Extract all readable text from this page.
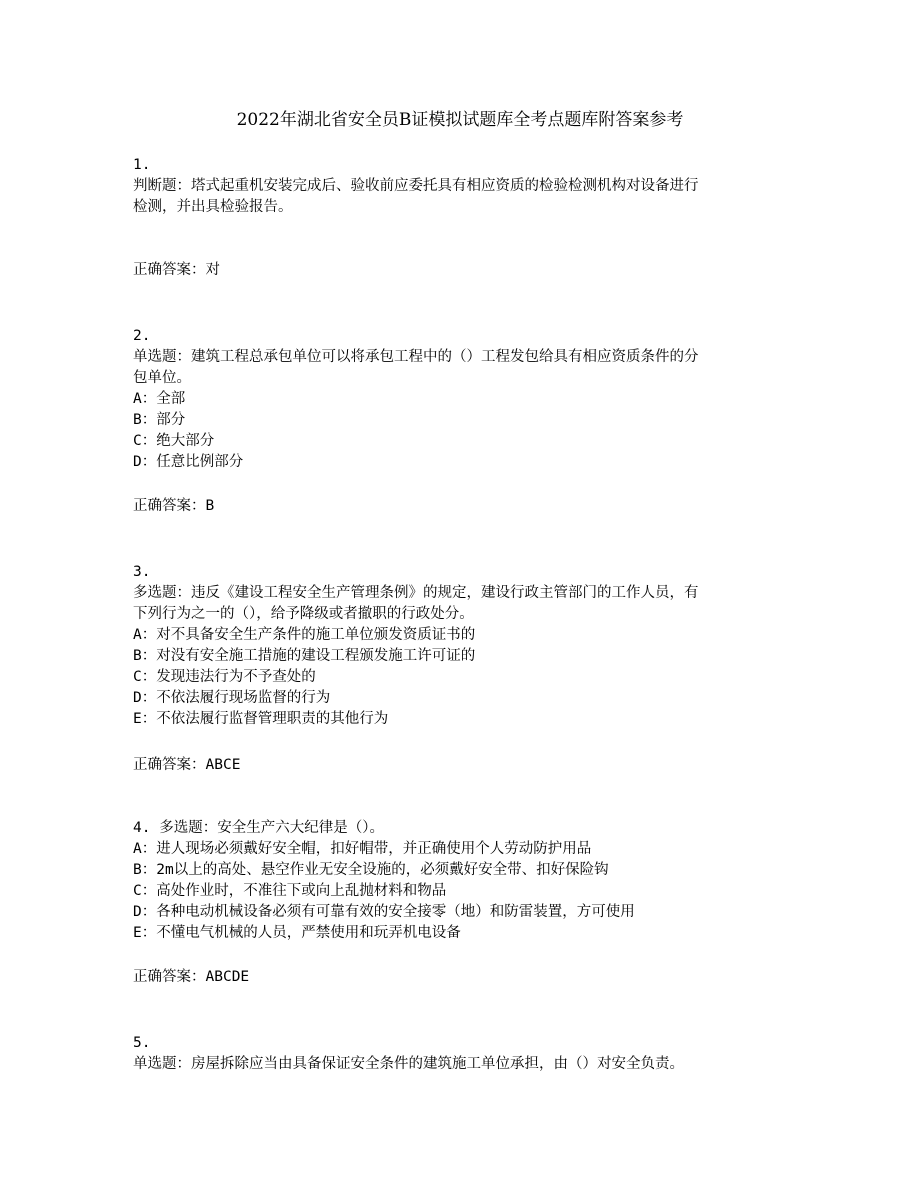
2022年湖北省安全员B证模拟试题库全考点题库附答案参考
1.
判断题：塔式起重机安装完成后、验收前应委托具有相应资质的检验检测机构对设备进行
检测，并出具检验报告。
正确答案：对
2.
单选题：建筑工程总承包单位可以将承包工程中的（）工程发包给具有相应资质条件的分
包单位。
A：全部
B：部分
C：绝大部分
D：任意比例部分
正确答案：B
3.
多选题：违反《建设工程安全生产管理条例》的规定，建设行政主管部门的工作人员，有
下列行为之一的（），给予降级或者撤职的行政处分。
A：对不具备安全生产条件的施工单位颁发资质证书的
B：对没有安全施工措施的建设工程颁发施工许可证的
C：发现违法行为不予查处的
D：不依法履行现场监督的行为
E：不依法履行监督管理职责的其他行为
正确答案：ABCE
4. 多选题：安全生产六大纪律是（）。
A：进人现场必须戴好安全帽，扣好帽带，并正确使用个人劳动防护用品
B：2m以上的高处、悬空作业无安全设施的，必须戴好安全带、扣好保险钩
C：高处作业时，不准往下或向上乱抛材料和物品
D：各种电动机械设备必须有可靠有效的安全接零（地）和防雷装置，方可使用
E：不懂电气机械的人员，严禁使用和玩弄机电设备
正确答案：ABCDE
5.
单选题：房屋拆除应当由具备保证安全条件的建筑施工单位承担，由（）对安全负责。
